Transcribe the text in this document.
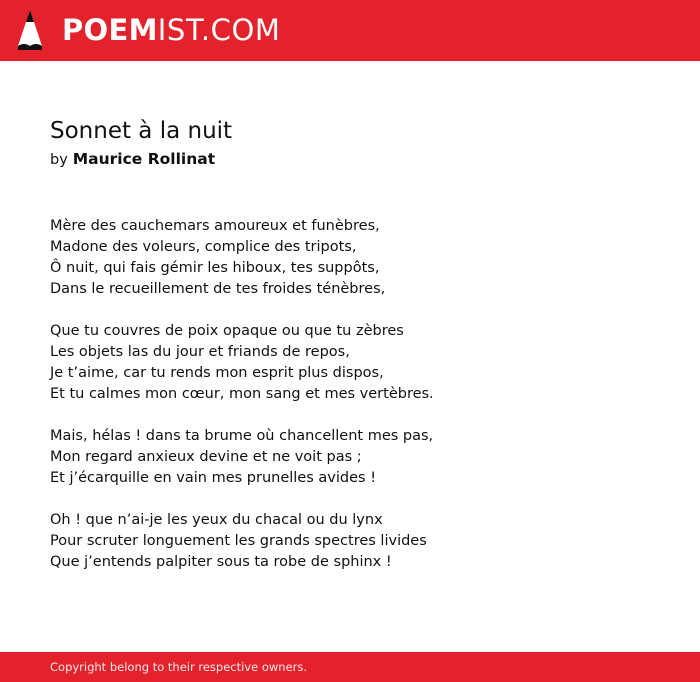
POEMIST.COM
Sonnet à la nuit
by Maurice Rollinat
Mère des cauchemars amoureux et funèbres,
Madone des voleurs, complice des tripots,
Ô nuit, qui fais gémir les hiboux, tes suppôts,
Dans le recueillement de tes froides ténèbres,
Que tu couvres de poix opaque ou que tu zèbres
Les objets las du jour et friands de repos,
Je t’aime, car tu rends mon esprit plus dispos,
Et tu calmes mon cœur, mon sang et mes vertèbres.
Mais, hélas ! dans ta brume où chancellent mes pas,
Mon regard anxieux devine et ne voit pas ;
Et j’écarquille en vain mes prunelles avides !
Oh ! que n’ai-je les yeux du chacal ou du lynx
Pour scruter longuement les grands spectres livides
Que j’entends palpiter sous ta robe de sphinx !
Copyright belong to their respective owners.
